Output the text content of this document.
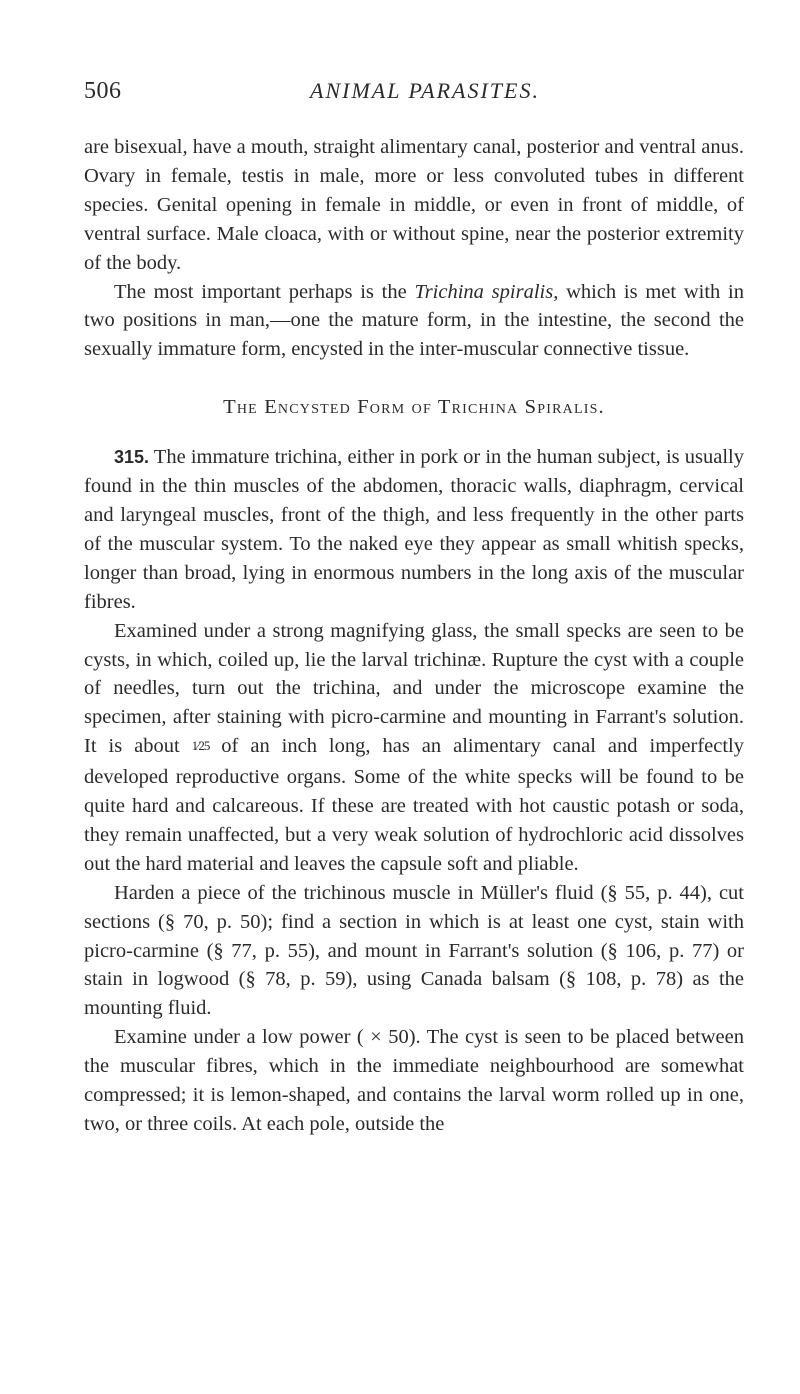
506	ANIMAL PARASITES.

are bisexual, have a mouth, straight alimentary canal, posterior and ventral anus. Ovary in female, testis in male, more or less convoluted tubes in different species. Genital opening in female in middle, or even in front of middle, of ventral surface. Male cloaca, with or without spine, near the posterior extremity of the body.

The most important perhaps is the Trichina spiralis, which is met with in two positions in man,—one the mature form, in the intestine, the second the sexually immature form, encysted in the inter-muscular connective tissue.

The Encysted Form of Trichina Spiralis.

315. The immature trichina, either in pork or in the human subject, is usually found in the thin muscles of the abdomen, thoracic walls, diaphragm, cervical and laryngeal muscles, front of the thigh, and less frequently in the other parts of the muscular system. To the naked eye they appear as small whitish specks, longer than broad, lying in enormous numbers in the long axis of the muscular fibres.

Examined under a strong magnifying glass, the small specks are seen to be cysts, in which, coiled up, lie the larval trichinæ. Rupture the cyst with a couple of needles, turn out the trichina, and under the microscope examine the specimen, after staining with picro-carmine and mounting in Farrant's solution. It is about 1⁄25 of an inch long, has an alimentary canal and imperfectly developed reproductive organs. Some of the white specks will be found to be quite hard and calcareous. If these are treated with hot caustic potash or soda, they remain unaffected, but a very weak solution of hydrochloric acid dissolves out the hard material and leaves the capsule soft and pliable.

Harden a piece of the trichinous muscle in Müller's fluid (§ 55, p. 44), cut sections (§ 70, p. 50); find a section in which is at least one cyst, stain with picro-carmine (§ 77, p. 55), and mount in Farrant's solution (§ 106, p. 77) or stain in logwood (§ 78, p. 59), using Canada balsam (§ 108, p. 78) as the mounting fluid.

Examine under a low power ( × 50). The cyst is seen to be placed between the muscular fibres, which in the immediate neighbourhood are somewhat compressed; it is lemon-shaped, and contains the larval worm rolled up in one, two, or three coils. At each pole, outside the
